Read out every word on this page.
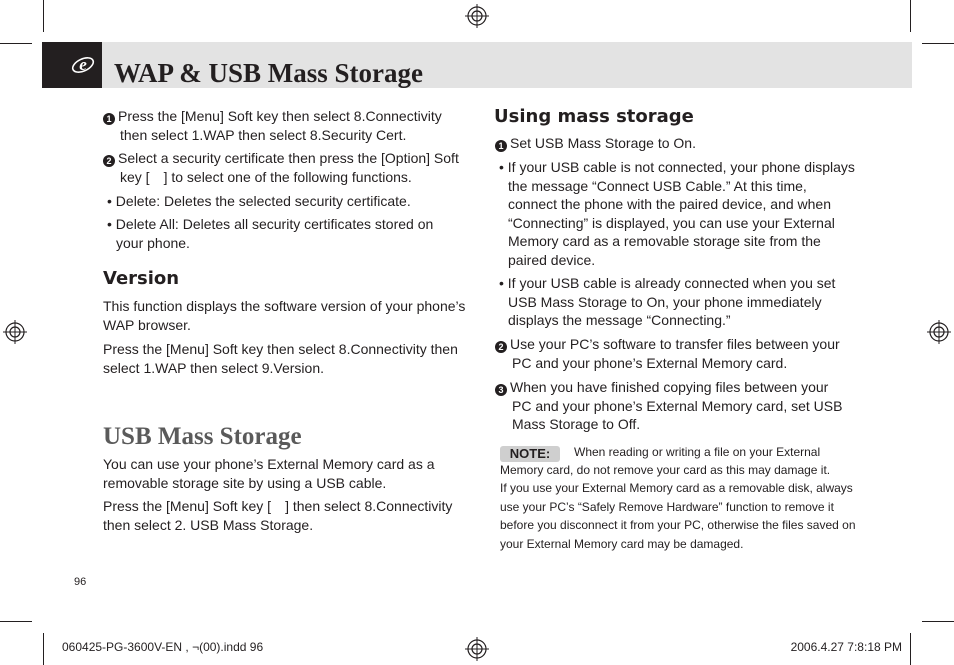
e WAP & USB Mass Storage
1 Press the [Menu] Soft key then select 8.Connectivity
then select 1.WAP then select 8.Security Cert.
2 Select a security certificate then press the [Option] Soft
key [ ] to select one of the following functions.
• Delete: Deletes the selected security certificate.
• Delete All: Deletes all security certificates stored on
your phone.
Version
This function displays the software version of your phone’s
WAP browser.
Press the [Menu] Soft key then select 8.Connectivity then
select 1.WAP then select 9.Version.
USB Mass Storage
You can use your phone’s External Memory card as a
removable storage site by using a USB cable.
Press the [Menu] Soft key [ ] then select 8.Connectivity
then select 2. USB Mass Storage.
96
Using mass storage
1 Set USB Mass Storage to On.
• If your USB cable is not connected, your phone displays
the message “Connect USB Cable.” At this time,
connect the phone with the paired device, and when
“Connecting” is displayed, you can use your External
Memory card as a removable storage site from the
paired device.
• If your USB cable is already connected when you set
USB Mass Storage to On, your phone immediately
displays the message “Connecting.”
2 Use your PC’s software to transfer files between your
PC and your phone’s External Memory card.
3 When you have finished copying files between your
PC and your phone’s External Memory card, set USB
Mass Storage to Off.
NOTE:	When reading or writing a file on your External
Memory card, do not remove your card as this may damage it.
If you use your External Memory card as a removable disk, always
use your PC’s “Safely Remove Hardware” function to remove it
before you disconnect it from your PC, otherwise the files saved on
your External Memory card may be damaged.
060425-PG-3600V-EN , ¬(00).indd 96	2006.4.27 7:8:18 PM
